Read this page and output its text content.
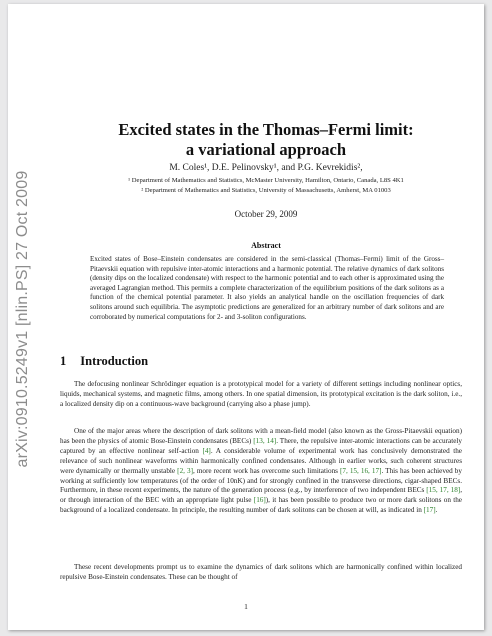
arXiv:0910.5249v1 [nlin.PS] 27 Oct 2009
Excited states in the Thomas–Fermi limit:
a variational approach
M. Coles¹, D.E. Pelinovsky¹, and P.G. Kevrekidis²,
¹ Department of Mathematics and Statistics, McMaster University, Hamilton, Ontario, Canada, L8S 4K1
² Department of Mathematics and Statistics, University of Massachusetts, Amherst, MA 01003
October 29, 2009
Abstract
Excited states of Bose–Einstein condensates are considered in the semi-classical (Thomas–Fermi) limit of the Gross–Pitaevskii equation with repulsive inter-atomic interactions and a harmonic potential. The relative dynamics of dark solitons (density dips on the localized condensate) with respect to the harmonic potential and to each other is approximated using the averaged Lagrangian method. This permits a complete characterization of the equilibrium positions of the dark solitons as a function of the chemical potential parameter. It also yields an analytical handle on the oscillation frequencies of dark solitons around such equilibria. The asymptotic predictions are generalized for an arbitrary number of dark solitons and are corroborated by numerical computations for 2- and 3-soliton configurations.
1 Introduction
The defocusing nonlinear Schrödinger equation is a prototypical model for a variety of different settings including nonlinear optics, liquids, mechanical systems, and magnetic films, among others. In one spatial dimension, its prototypical excitation is the dark soliton, i.e., a localized density dip on a continuous-wave background (carrying also a phase jump).
One of the major areas where the description of dark solitons with a mean-field model (also known as the Gross-Pitaevskii equation) has been the physics of atomic Bose-Einstein condensates (BECs) [13, 14]. There, the repulsive inter-atomic interactions can be accurately captured by an effective nonlinear self-action [4]. A considerable volume of experimental work has conclusively demonstrated the relevance of such nonlinear waveforms within harmonically confined condensates. Although in earlier works, such coherent structures were dynamically or thermally unstable [2, 3], more recent work has overcome such limitations [7, 15, 16, 17]. This has been achieved by working at sufficiently low temperatures (of the order of 10nK) and for strongly confined in the transverse directions, cigar-shaped BECs. Furthermore, in these recent experiments, the nature of the generation process (e.g., by interference of two independent BECs [15, 17, 18], or through interaction of the BEC with an appropriate light pulse [16]), it has been possible to produce two or more dark solitons on the background of a localized condensate. In principle, the resulting number of dark solitons can be chosen at will, as indicated in [17].
These recent developments prompt us to examine the dynamics of dark solitons which are harmonically confined within localized repulsive Bose-Einstein condensates. These can be thought of
1
